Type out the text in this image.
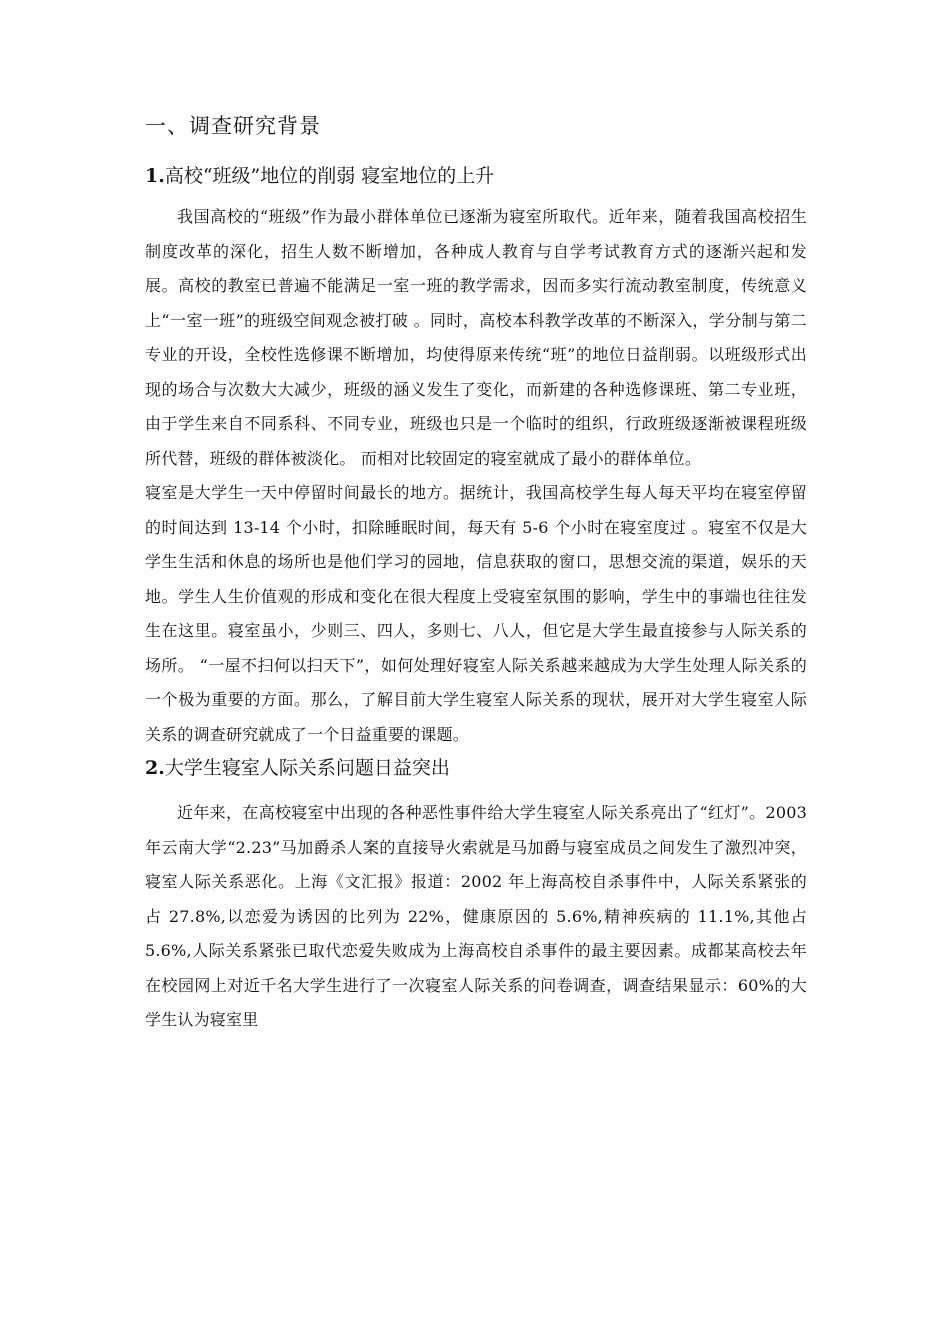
一、调查研究背景
1.高校“班级”地位的削弱 寝室地位的上升

我国高校的“班级”作为最小群体单位已逐渐为寝室所取代。近年来，随着我国高校招生制度改革的深化，招生人数不断增加，各种成人教育与自学考试教育方式的逐渐兴起和发展。高校的教室已普遍不能满足一室一班的教学需求，因而多实行流动教室制度，传统意义上“一室一班”的班级空间观念被打破 。同时，高校本科教学改革的不断深入，学分制与第二专业的开设，全校性选修课不断增加，均使得原来传统“班”的地位日益削弱。以班级形式出现的场合与次数大大减少，班级的涵义发生了变化，而新建的各种选修课班、第二专业班，由于学生来自不同系科、不同专业，班级也只是一个临时的组织，行政班级逐渐被课程班级所代替，班级的群体被淡化。 而相对比较固定的寝室就成了最小的群体单位。

寝室是大学生一天中停留时间最长的地方。据统计，我国高校学生每人每天平均在寝室停留的时间达到 13-14 个小时，扣除睡眠时间，每天有 5-6 个小时在寝室度过 。寝室不仅是大学生生活和休息的场所也是他们学习的园地，信息获取的窗口，思想交流的渠道，娱乐的天地。学生人生价值观的形成和变化在很大程度上受寝室氛围的影响，学生中的事端也往往发生在这里。寝室虽小，少则三、四人，多则七、八人，但它是大学生最直接参与人际关系的场所。 “一屋不扫何以扫天下”，如何处理好寝室人际关系越来越成为大学生处理人际关系的一个极为重要的方面。那么，了解目前大学生寝室人际关系的现状，展开对大学生寝室人际关系的调查研究就成了一个日益重要的课题。

2.大学生寝室人际关系问题日益突出

近年来，在高校寝室中出现的各种恶性事件给大学生寝室人际关系亮出了“红灯”。2003 年云南大学“2.23”马加爵杀人案的直接导火索就是马加爵与寝室成员之间发生了激烈冲突，寝室人际关系恶化。上海《文汇报》报道：2002 年上海高校自杀事件中，人际关系紧张的占 27.8%,以恋爱为诱因的比列为 22%，健康原因的 5.6%,精神疾病的 11.1%,其他占 5.6%,人际关系紧张已取代恋爱失败成为上海高校自杀事件的最主要因素。成都某高校去年在校园网上对近千名大学生进行了一次寝室人际关系的问卷调查，调查结果显示：60%的大学生认为寝室里
